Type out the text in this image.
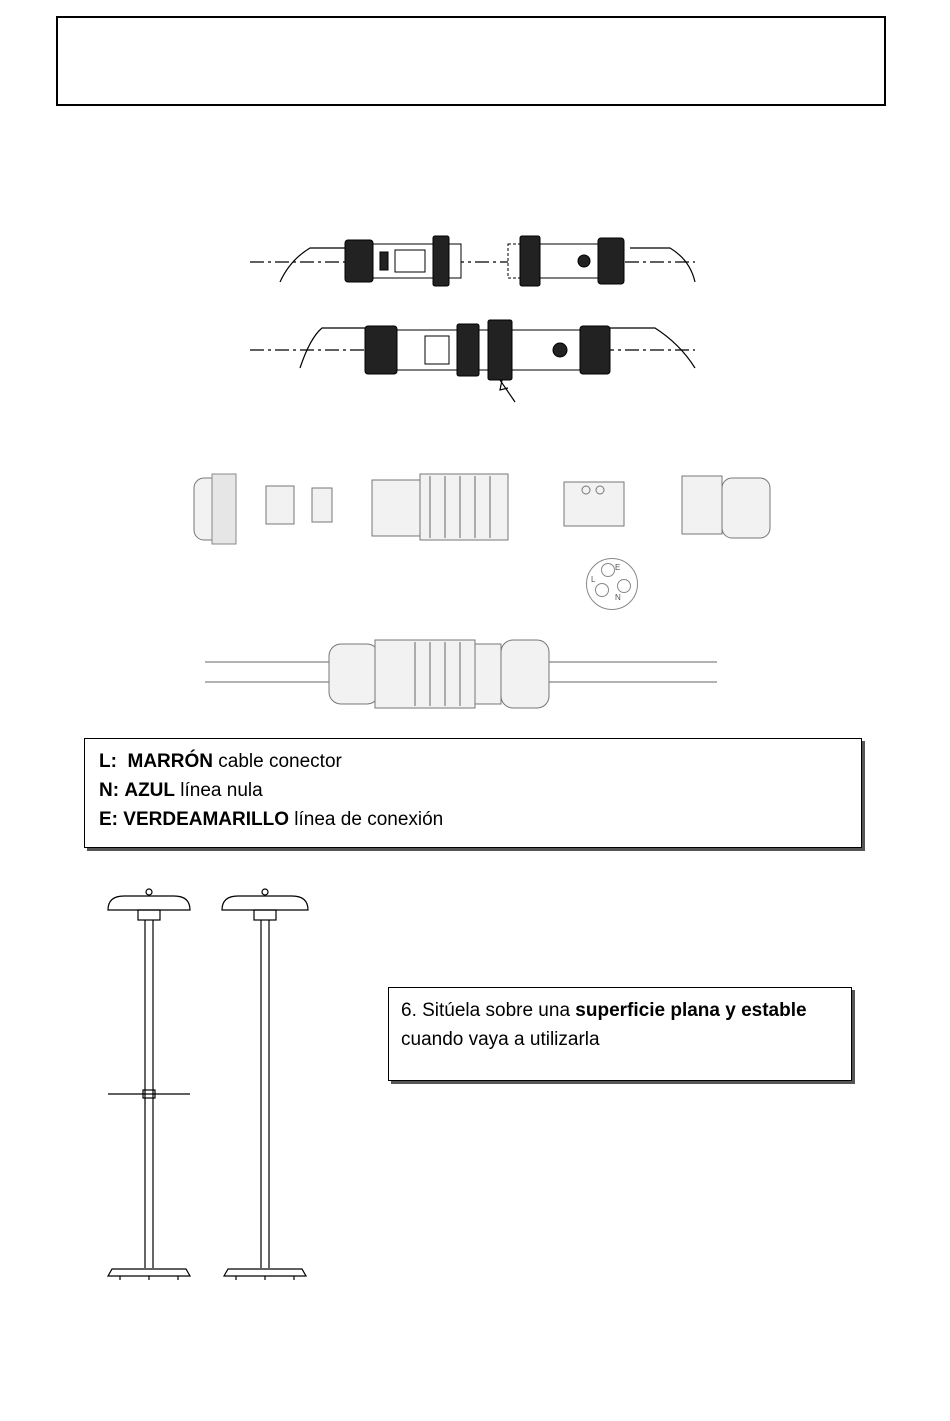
E
L
N

L: MARRÓN cable conector

N: AZUL línea nula

E: VERDEAMARILLO línea de conexión

6. Sitúela sobre una superficie plana y estable
cuando vaya a utilizarla
